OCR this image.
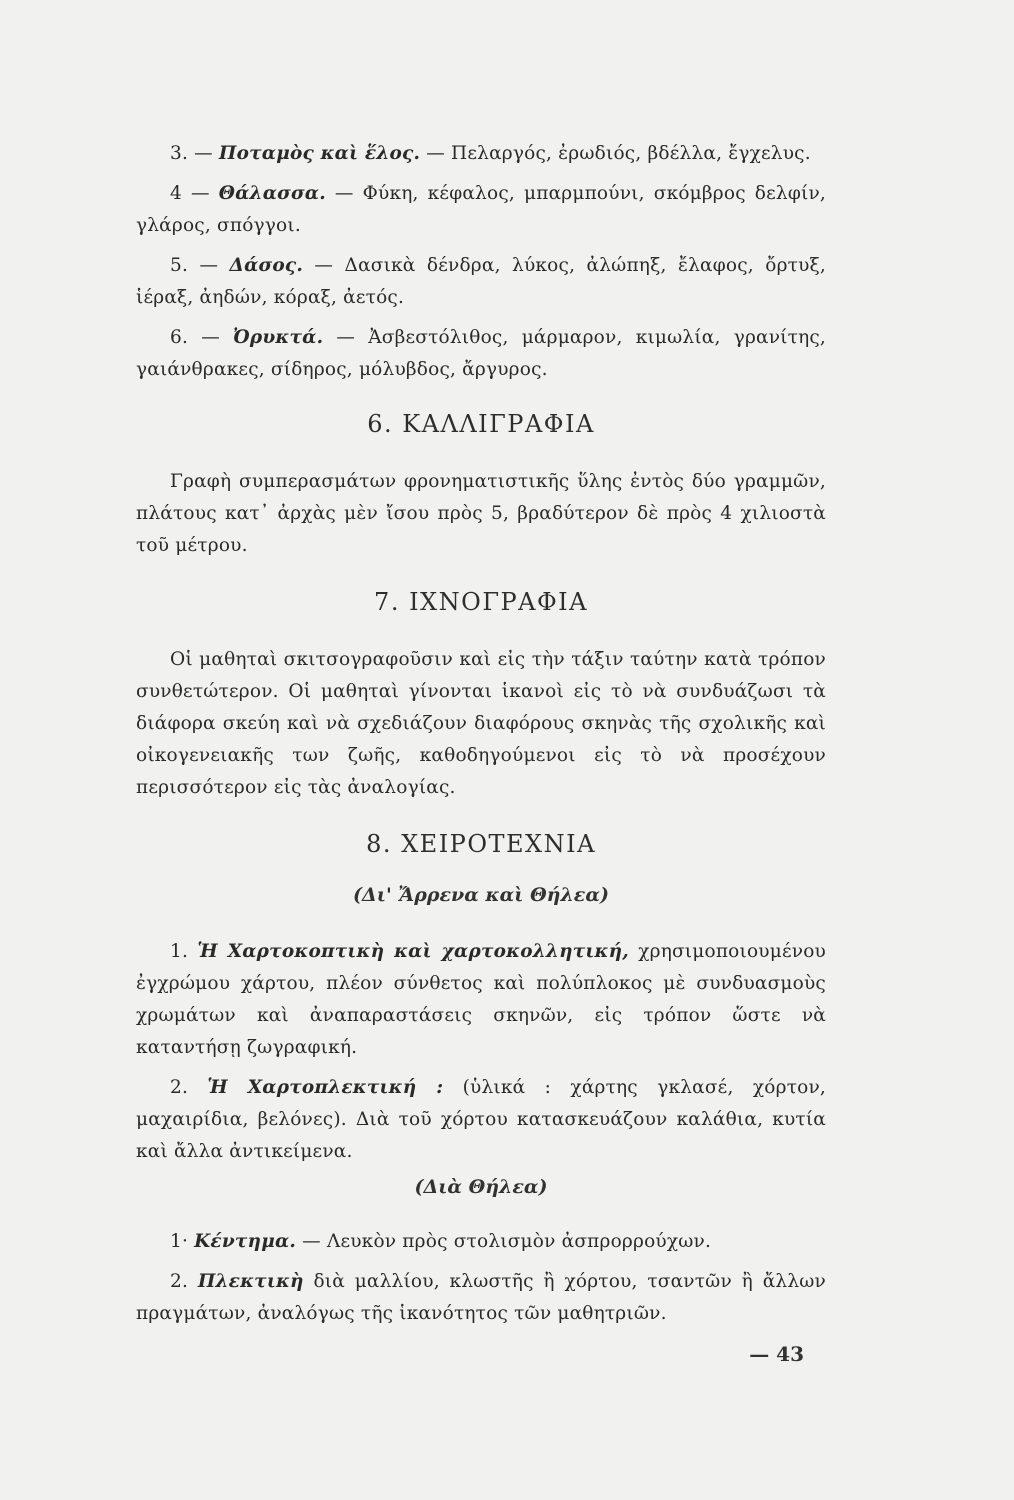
3. — Ποταμὸς καὶ ἕλος. — Πελαργός, ἐρωδιός, βδέλλα, ἔγχελυς.

4 — Θάλασσα. — Φύκη, κέφαλος, μπαρμπούνι, σκόμβρος δελφίν, γλάρος, σπόγγοι.

5. — Δάσος. — Δασικὰ δένδρα, λύκος, ἀλώπηξ, ἔλαφος, ὄρτυξ, ἱέραξ, ἀηδών, κόραξ, ἀετός.

6. — Ὀρυκτά. — Ἀσβεστόλιθος, μάρμαρον, κιμωλία, γρανίτης, γαιάνθρακες, σίδηρος, μόλυβδος, ἄργυρος.

6. ΚΑΛΛΙΓΡΑΦΙΑ

Γραφὴ συμπερασμάτων φρονηματιστικῆς ὕλης ἐντὸς δύο γραμμῶν, πλάτους κατ᾿ ἀρχὰς μὲν ἴσου πρὸς 5, βραδύτερον δὲ πρὸς 4 χιλιοστὰ τοῦ μέτρου.

7. ΙΧΝΟΓΡΑΦΙΑ

Οἱ μαθηταὶ σκιτσογραφοῦσιν καὶ εἰς τὴν τάξιν ταύτην κατὰ τρόπον συνθετώτερον. Οἱ μαθηταὶ γίνονται ἱκανοὶ εἰς τὸ νὰ συνδυάζωσι τὰ διάφορα σκεύη καὶ νὰ σχεδιάζουν διαφόρους σκηνὰς τῆς σχολικῆς καὶ οἰκογενειακῆς των ζωῆς, καθοδηγούμενοι εἰς τὸ νὰ προσέχουν περισσότερον εἰς τὰς ἀναλογίας.

8. ΧΕΙΡΟΤΕΧΝΙΑ
(Δι' Ἄρρενα καὶ Θήλεα)

1. Ἡ Χαρτοκοπτικὴ καὶ χαρτοκολλητική, χρησιμοποιουμένου ἐγχρώμου χάρτου, πλέον σύνθετος καὶ πολύπλοκος μὲ συνδυασμοὺς χρωμάτων καὶ ἀναπαραστάσεις σκηνῶν, εἰς τρόπον ὥστε νὰ καταντήσῃ ζωγραφική.

2. Ἡ Χαρτοπλεκτική : (ὑλικά : χάρτης γκλασέ, χόρτον, μαχαιρίδια, βελόνες). Διὰ τοῦ χόρτου κατασκευάζουν καλάθια, κυτία καὶ ἄλλα ἀντικείμενα.

(Διὰ Θήλεα)

1· Κέντημα. — Λευκὸν πρὸς στολισμὸν ἀσπρορρούχων.

2. Πλεκτικὴ διὰ μαλλίου, κλωστῆς ἢ χόρτου, τσαντῶν ἢ ἄλλων πραγμάτων, ἀναλόγως τῆς ἱκανότητος τῶν μαθητριῶν.

— 43
